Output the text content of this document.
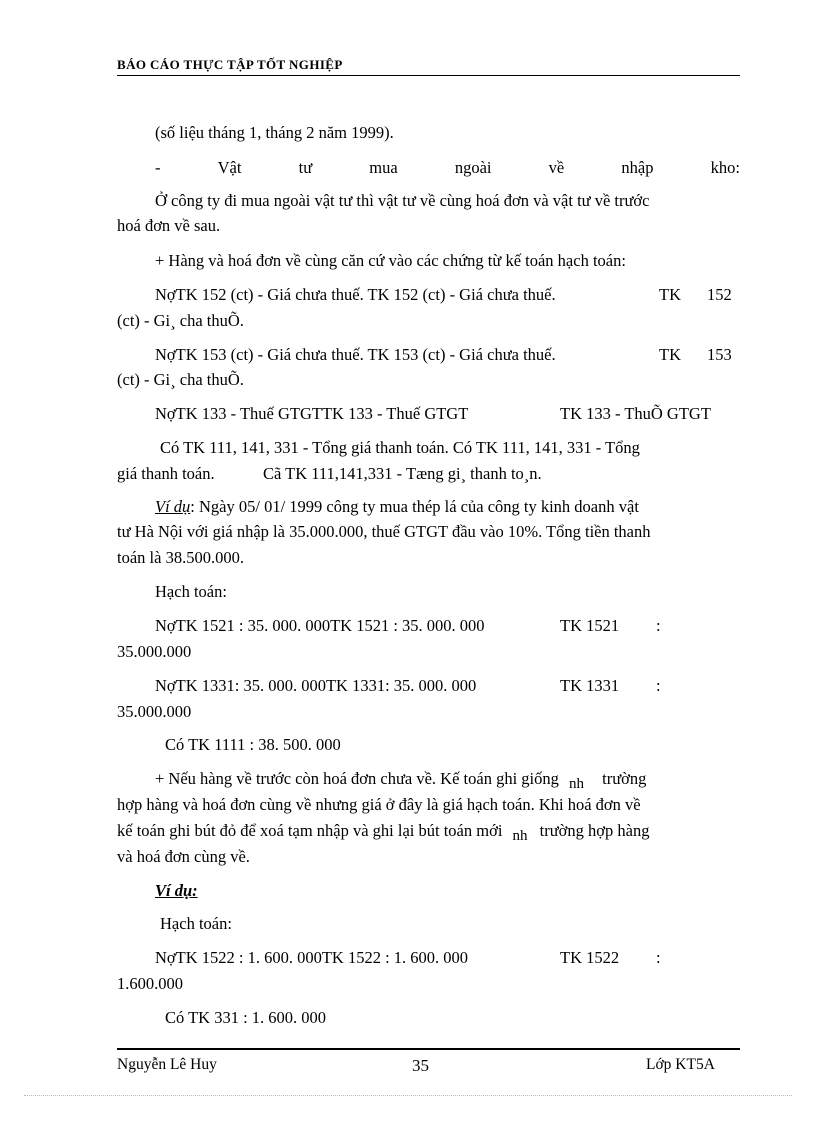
BÁO CÁO THỰC TẬP TỐT NGHIỆP
(số liệu tháng 1, tháng 2 năm 1999).
-	Vật	tư	mua	ngoài	về	nhập	kho:
Ở công ty đi mua ngoài vật tư thì vật tư về cùng hoá đơn và vật tư về trước
hoá đơn về sau.
+ Hàng và hoá đơn về cùng căn cứ vào các chứng từ kế toán hạch toán:
NợTK 152 (ct) - Giá chưa thuế. TK 152 (ct) - Giá chưa thuế.	TK 152
(ct) - Gi¸ cha thuÕ.
NợTK 153 (ct) - Giá chưa thuế. TK 153 (ct) - Giá chưa thuế.	TK 153
(ct) - Gi¸ cha thuÕ.
NợTK 133 - Thuế GTGTTK 133 - Thuế GTGT	TK 133 - ThuÕ GTGT
Có TK 111, 141, 331 - Tổng giá thanh toán. Có TK 111, 141, 331 - Tổng
giá thanh toán.	Cã TK 111,141,331 - Tæng gi¸ thanh to¸n.
Ví dụ: Ngày 05/ 01/ 1999 công ty mua thép lá của công ty kinh doanh vật
tư Hà Nội với giá nhập là 35.000.000, thuế GTGT đầu vào 10%. Tổng tiền thanh
toán là 38.500.000.
Hạch toán:
NợTK 1521 : 35. 000. 000TK 1521 : 35. 000. 000	TK 1521 :
35.000.000
NợTK 1331: 35. 000. 000TK 1331: 35. 000. 000	TK 1331 :
35.000.000
Có TK 1111 : 38. 500. 000
+ Nếu hàng về trước còn hoá đơn chưa về. Kế toán ghi giống nh trường
hợp hàng và hoá đơn cùng về nhưng giá ở đây là giá hạch toán. Khi hoá đơn về
kế toán ghi bút đỏ để xoá tạm nhập và ghi lại bút toán mới nh trường hợp hàng
và hoá đơn cùng về.
Ví dụ:
Hạch toán:
NợTK 1522 : 1. 600. 000TK 1522 : 1. 600. 000	TK 1522 :
1.600.000
Có TK 331 : 1. 600. 000
Nguyễn Lê Huy	35	Lớp KT5A
